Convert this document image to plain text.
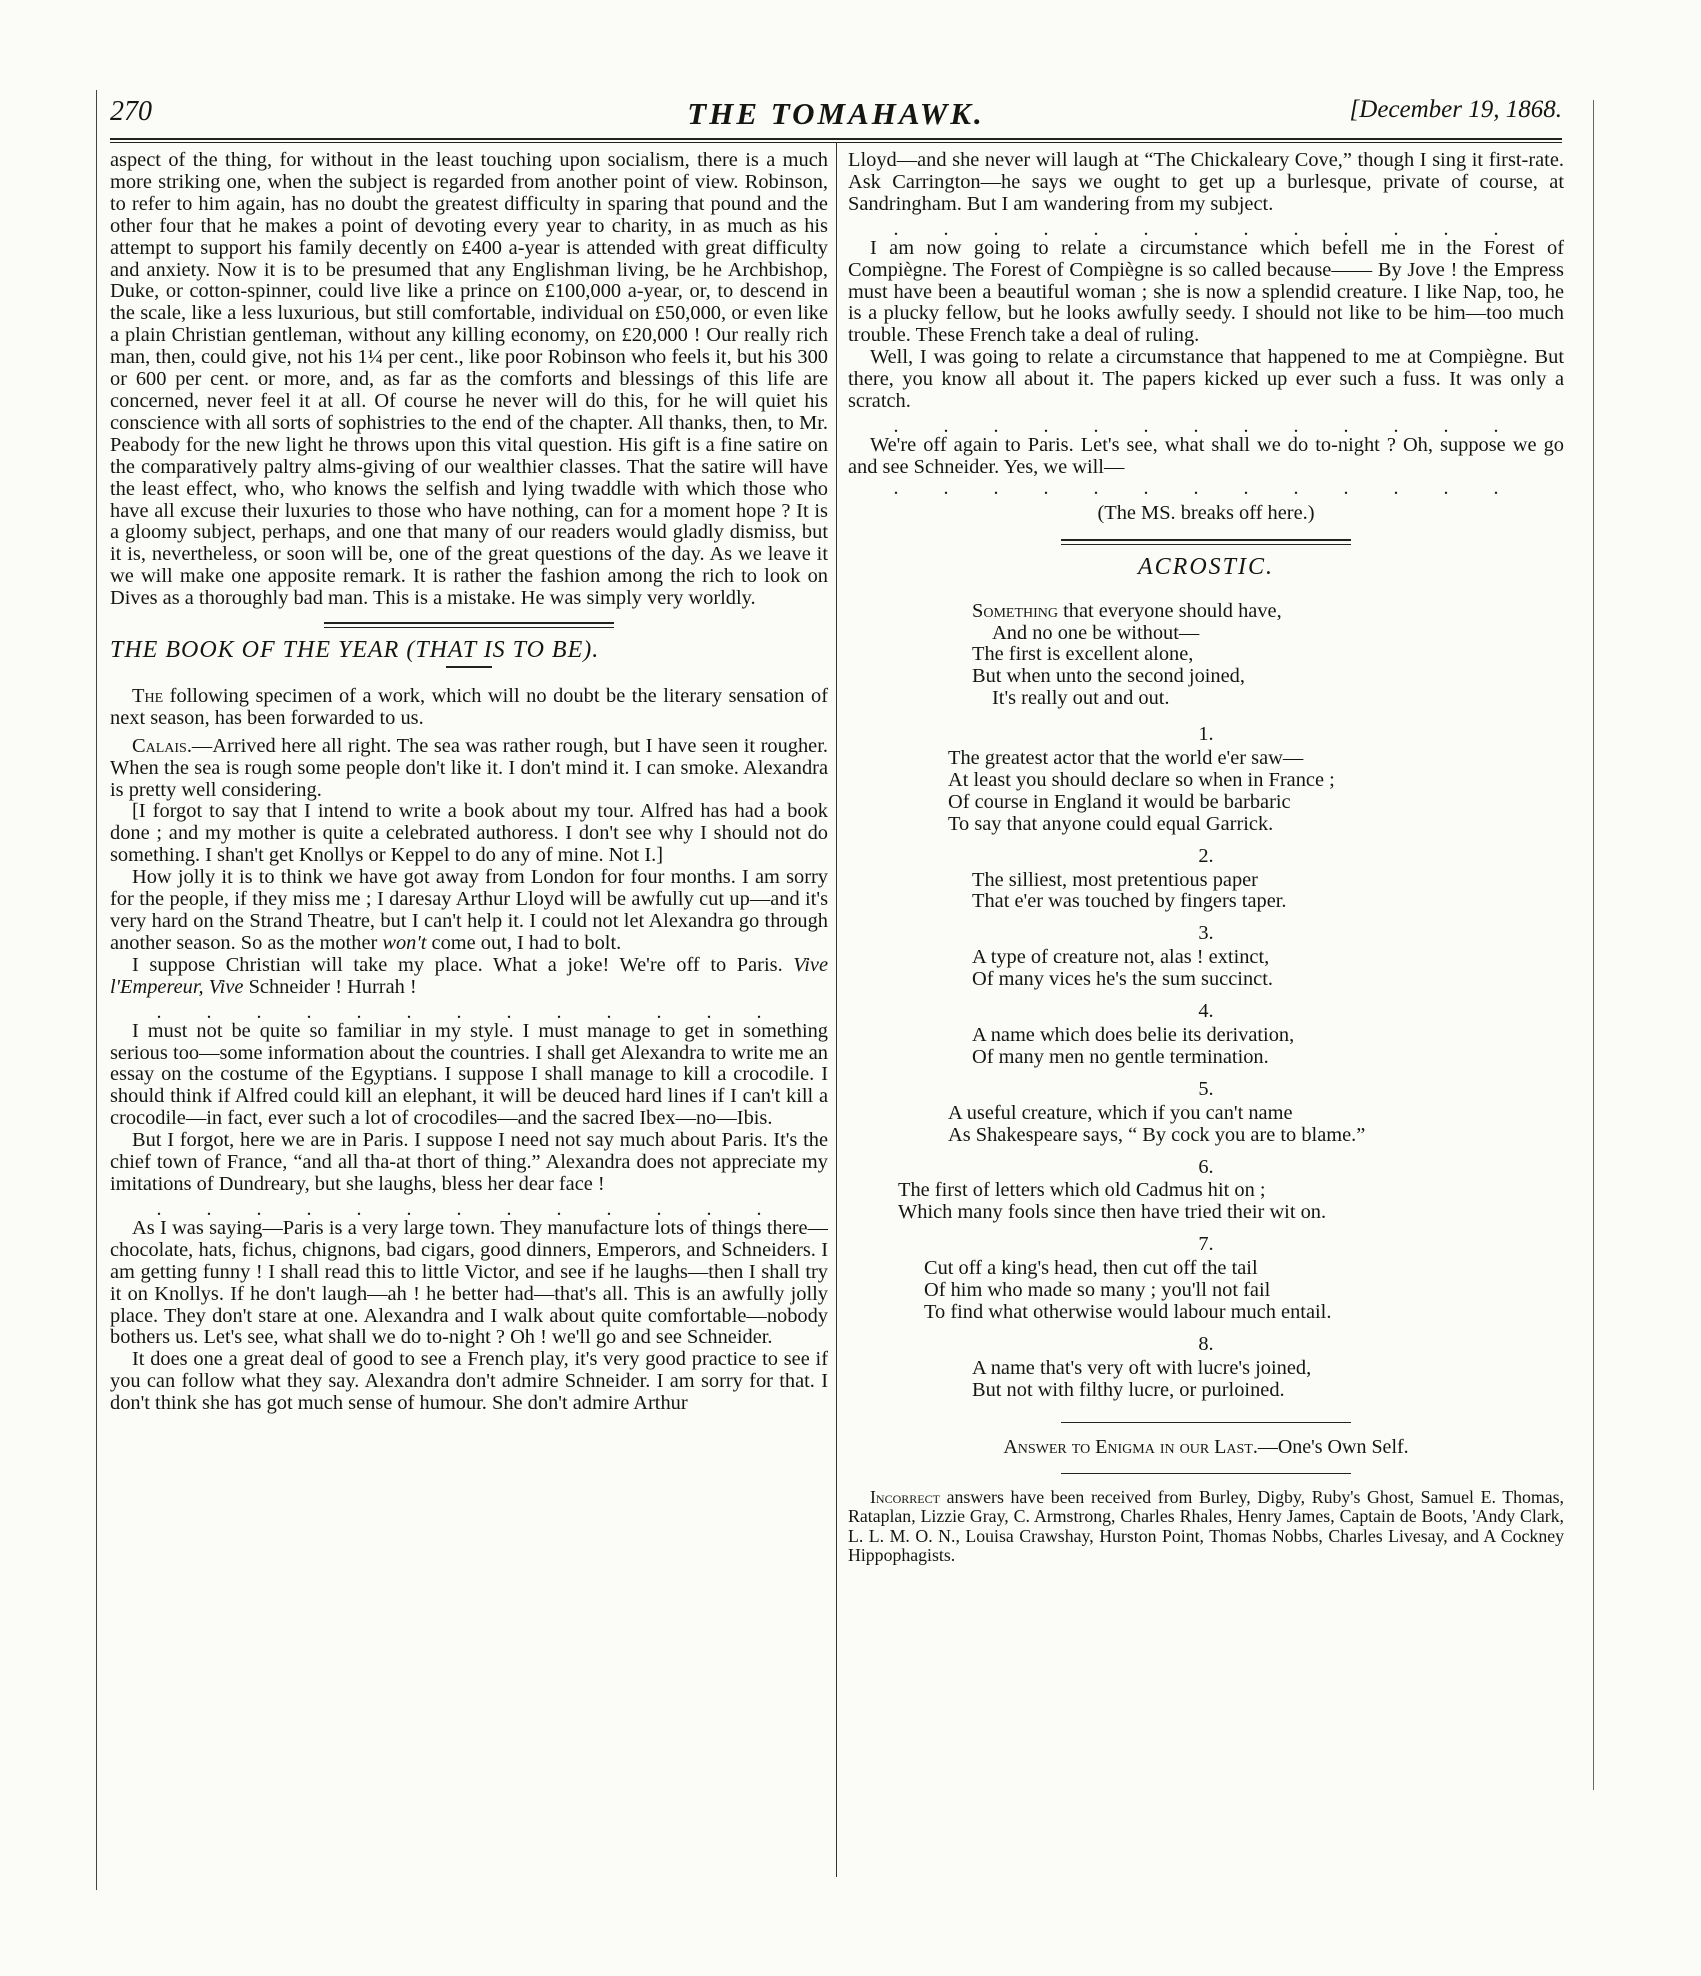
270	THE TOMAHAWK.	[December 19, 1868.

aspect of the thing, for without in the least touching upon socialism, there is a much more striking one, when the subject is regarded from another point of view. Robinson, to refer to him again, has no doubt the greatest difficulty in sparing that pound and the other four that he makes a point of devoting every year to charity, in as much as his attempt to support his family decently on £400 a-year is attended with great difficulty and anxiety. Now it is to be presumed that any Englishman living, be he Archbishop, Duke, or cotton-spinner, could live like a prince on £100,000 a-year, or, to descend in the scale, like a less luxurious, but still comfortable, individual on £50,000, or even like a plain Christian gentleman, without any killing economy, on £20,000 ! Our really rich man, then, could give, not his 1¼ per cent., like poor Robinson who feels it, but his 300 or 600 per cent. or more, and, as far as the comforts and blessings of this life are concerned, never feel it at all. Of course he never will do this, for he will quiet his conscience with all sorts of sophistries to the end of the chapter. All thanks, then, to Mr. Peabody for the new light he throws upon this vital question. His gift is a fine satire on the comparatively paltry alms-giving of our wealthier classes. That the satire will have the least effect, who, who knows the selfish and lying twaddle with which those who have all excuse their luxuries to those who have nothing, can for a moment hope ? It is a gloomy subject, perhaps, and one that many of our readers would gladly dismiss, but it is, nevertheless, or soon will be, one of the great questions of the day. As we leave it we will make one apposite remark. It is rather the fashion among the rich to look on Dives as a thoroughly bad man. This is a mistake. He was simply very worldly.

THE BOOK OF THE YEAR (THAT IS TO BE).

The following specimen of a work, which will no doubt be the literary sensation of next season, has been forwarded to us.

Calais.—Arrived here all right. The sea was rather rough, but I have seen it rougher. When the sea is rough some people don't like it. I don't mind it. I can smoke. Alexandra is pretty well considering.

[I forgot to say that I intend to write a book about my tour. Alfred has had a book done ; and my mother is quite a celebrated authoress. I don't see why I should not do something. I shan't get Knollys or Keppel to do any of mine. Not I.]

How jolly it is to think we have got away from London for four months. I am sorry for the people, if they miss me ; I daresay Arthur Lloyd will be awfully cut up—and it's very hard on the Strand Theatre, but I can't help it. I could not let Alexandra go through another season. So as the mother won't come out, I had to bolt.

I suppose Christian will take my place. What a joke! We're off to Paris. Vive l'Empereur, Vive Schneider ! Hurrah !

. . . . . . . . . . . . .

I must not be quite so familiar in my style. I must manage to get in something serious too—some information about the countries. I shall get Alexandra to write me an essay on the costume of the Egyptians. I suppose I shall manage to kill a crocodile. I should think if Alfred could kill an elephant, it will be deuced hard lines if I can't kill a crocodile—in fact, ever such a lot of crocodiles—and the sacred Ibex—no—Ibis.

But I forgot, here we are in Paris. I suppose I need not say much about Paris. It's the chief town of France, “and all tha-at thort of thing.” Alexandra does not appreciate my imitations of Dundreary, but she laughs, bless her dear face !

. . . . . . . . . . . . .

As I was saying—Paris is a very large town. They manufacture lots of things there—chocolate, hats, fichus, chignons, bad cigars, good dinners, Emperors, and Schneiders. I am getting funny ! I shall read this to little Victor, and see if he laughs—then I shall try it on Knollys. If he don't laugh—ah ! he better had—that's all. This is an awfully jolly place. They don't stare at one. Alexandra and I walk about quite comfortable—nobody bothers us. Let's see, what shall we do to-night ? Oh ! we'll go and see Schneider.

It does one a great deal of good to see a French play, it's very good practice to see if you can follow what they say. Alexandra don't admire Schneider. I am sorry for that. I don't think she has got much sense of humour. She don't admire Arthur

Lloyd—and she never will laugh at “The Chickaleary Cove,” though I sing it first-rate. Ask Carrington—he says we ought to get up a burlesque, private of course, at Sandringham. But I am wandering from my subject.

. . . . . . . . . . . . .

I am now going to relate a circumstance which befell me in the Forest of Compiègne. The Forest of Compiègne is so called because—— By Jove ! the Empress must have been a beautiful woman ; she is now a splendid creature. I like Nap, too, he is a plucky fellow, but he looks awfully seedy. I should not like to be him—too much trouble. These French take a deal of ruling.

Well, I was going to relate a circumstance that happened to me at Compiègne. But there, you know all about it. The papers kicked up ever such a fuss. It was only a scratch.

. . . . . . . . . . . . .

We're off again to Paris. Let's see, what shall we do to-night ? Oh, suppose we go and see Schneider. Yes, we will—

. . . . . . . . . . . . .
(The MS. breaks off here.)
ACROSTIC.
Something that everyone should have,
And no one be without—
The first is excellent alone,
But when unto the second joined,
It's really out and out.
1.
The greatest actor that the world e'er saw—
At least you should declare so when in France ;
Of course in England it would be barbaric
To say that anyone could equal Garrick.
2.
The silliest, most pretentious paper
That e'er was touched by fingers taper.
3.
A type of creature not, alas ! extinct,
Of many vices he's the sum succinct.
4.
A name which does belie its derivation,
Of many men no gentle termination.
5.
A useful creature, which if you can't name
As Shakespeare says, “ By cock you are to blame.”
6.
The first of letters which old Cadmus hit on ;
Which many fools since then have tried their wit on.
7.
Cut off a king's head, then cut off the tail
Of him who made so many ; you'll not fail
To find what otherwise would labour much entail.
8.
A name that's very oft with lucre's joined,
But not with filthy lucre, or purloined.
Answer to Enigma in our Last.—One's Own Self.

Incorrect answers have been received from Burley, Digby, Ruby's Ghost, Samuel E. Thomas, Rataplan, Lizzie Gray, C. Armstrong, Charles Rhales, Henry James, Captain de Boots, 'Andy Clark, L. L. M. O. N., Louisa Crawshay, Hurston Point, Thomas Nobbs, Charles Livesay, and A Cockney Hippophagists.
